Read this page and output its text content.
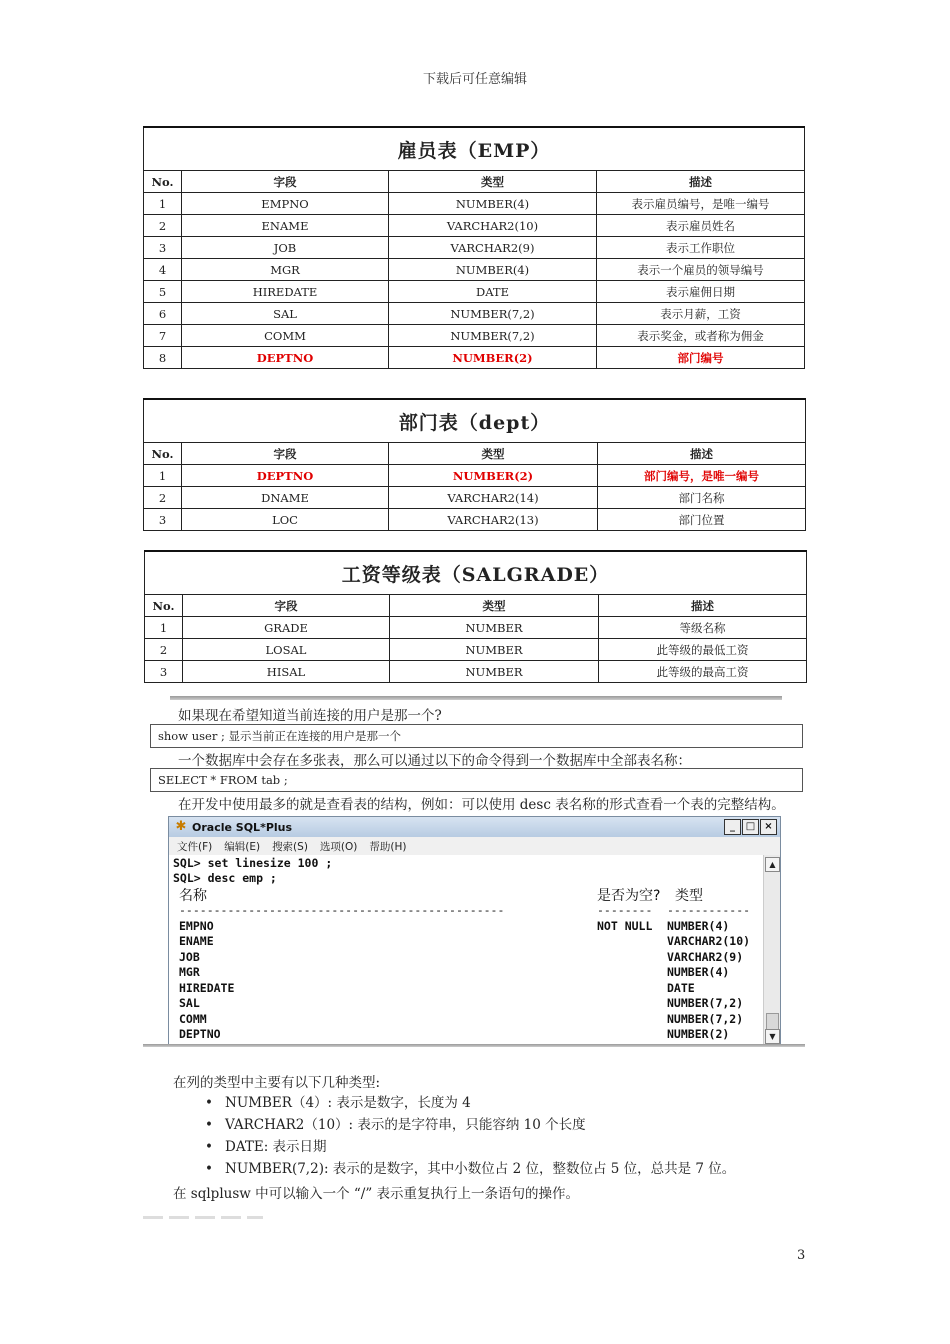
下载后可任意编辑
雇员表（EMP）			
No.	字段	类型	描述
1	EMPNO	NUMBER(4)	表示雇员编号，是唯一编号
2	ENAME	VARCHAR2(10)	表示雇员姓名
3	JOB	VARCHAR2(9)	表示工作职位
4	MGR	NUMBER(4)	表示一个雇员的领导编号
5	HIREDATE	DATE	表示雇佣日期
6	SAL	NUMBER(7,2)	表示月薪，工资
7	COMM	NUMBER(7,2)	表示奖金，或者称为佣金
8	DEPTNO	NUMBER(2)	部门编号
部门表（dept）			
No.	字段	类型	描述
1	DEPTNO	NUMBER(2)	部门编号，是唯一编号
2	DNAME	VARCHAR2(14)	部门名称
3	LOC	VARCHAR2(13)	部门位置
工资等级表（SALGRADE）			
No.	字段	类型	描述
1	GRADE	NUMBER	等级名称
2	LOSAL	NUMBER	此等级的最低工资
3	HISAL	NUMBER	此等级的最高工资
如果现在希望知道当前连接的用户是那一个?
show user ; 显示当前正在连接的用户是那一个
一个数据库中会存在多张表，那么可以通过以下的命令得到一个数据库中全部表名称：
SELECT * FROM tab ;
在开发中使用最多的就是查看表的结构，例如：可以使用 desc 表名称的形式查看一个表的完整结构。
✱ Oracle SQL*Plus	_	□ ×
文件(F) 编辑(E) 搜索(S) 选项(O) 帮助(H)
SQL> set linesize 100 ;
SQL> desc emp ;
名称	是否为空? 类型
-----------------------------------------------	-------- ------------
EMPNO	NOT NULL NUMBER(4)
ENAME	VARCHAR2(10)
JOB	VARCHAR2(9)
MGR	NUMBER(4)
HIREDATE	DATE
SAL	NUMBER(7,2)
COMM	NUMBER(7,2)
DEPTNO	NUMBER(2)
▲
▼
在列的类型中主要有以下几种类型:
• NUMBER（4）: 表示是数字，长度为 4
• VARCHAR2（10）: 表示的是字符串，只能容纳 10 个长度
• DATE: 表示日期
• NUMBER(7,2): 表示的是数字，其中小数位占 2 位，整数位占 5 位，总共是 7 位。
在 sqlplusw 中可以输入一个 “/” 表示重复执行上一条语句的操作。
3
